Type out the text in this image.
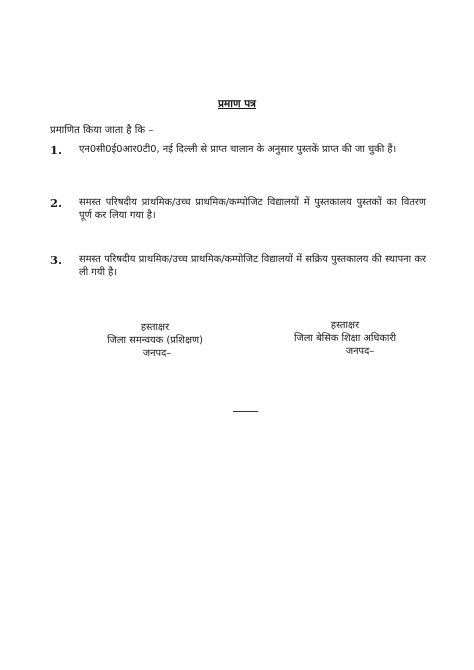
प्रमाण पत्र
प्रमाणित किया जाता है कि –
1.	एन0सी0ई0आर0टी0, नई दिल्ली से प्राप्त चालान के अनुसार पुस्तकें प्राप्त की जा चुकी हैं।
2.	समस्त परिषदीय प्राथमिक/उच्च प्राथमिक/कम्पोजिट विद्यालयों में पुस्तकालय पुस्तकों का वितरण पूर्ण कर लिया गया है।
3.	समस्त परिषदीय प्राथमिक/उच्च प्राथमिक/कम्पोजिट विद्यालयों में सक्रिय पुस्तकालय की स्थापना कर ली गयी है।
हस्ताक्षर
जिला समन्वयक (प्रशिक्षण)
जनपद–
हस्ताक्षर
जिला बेसिक शिक्षा अधिकारी
जनपद–
